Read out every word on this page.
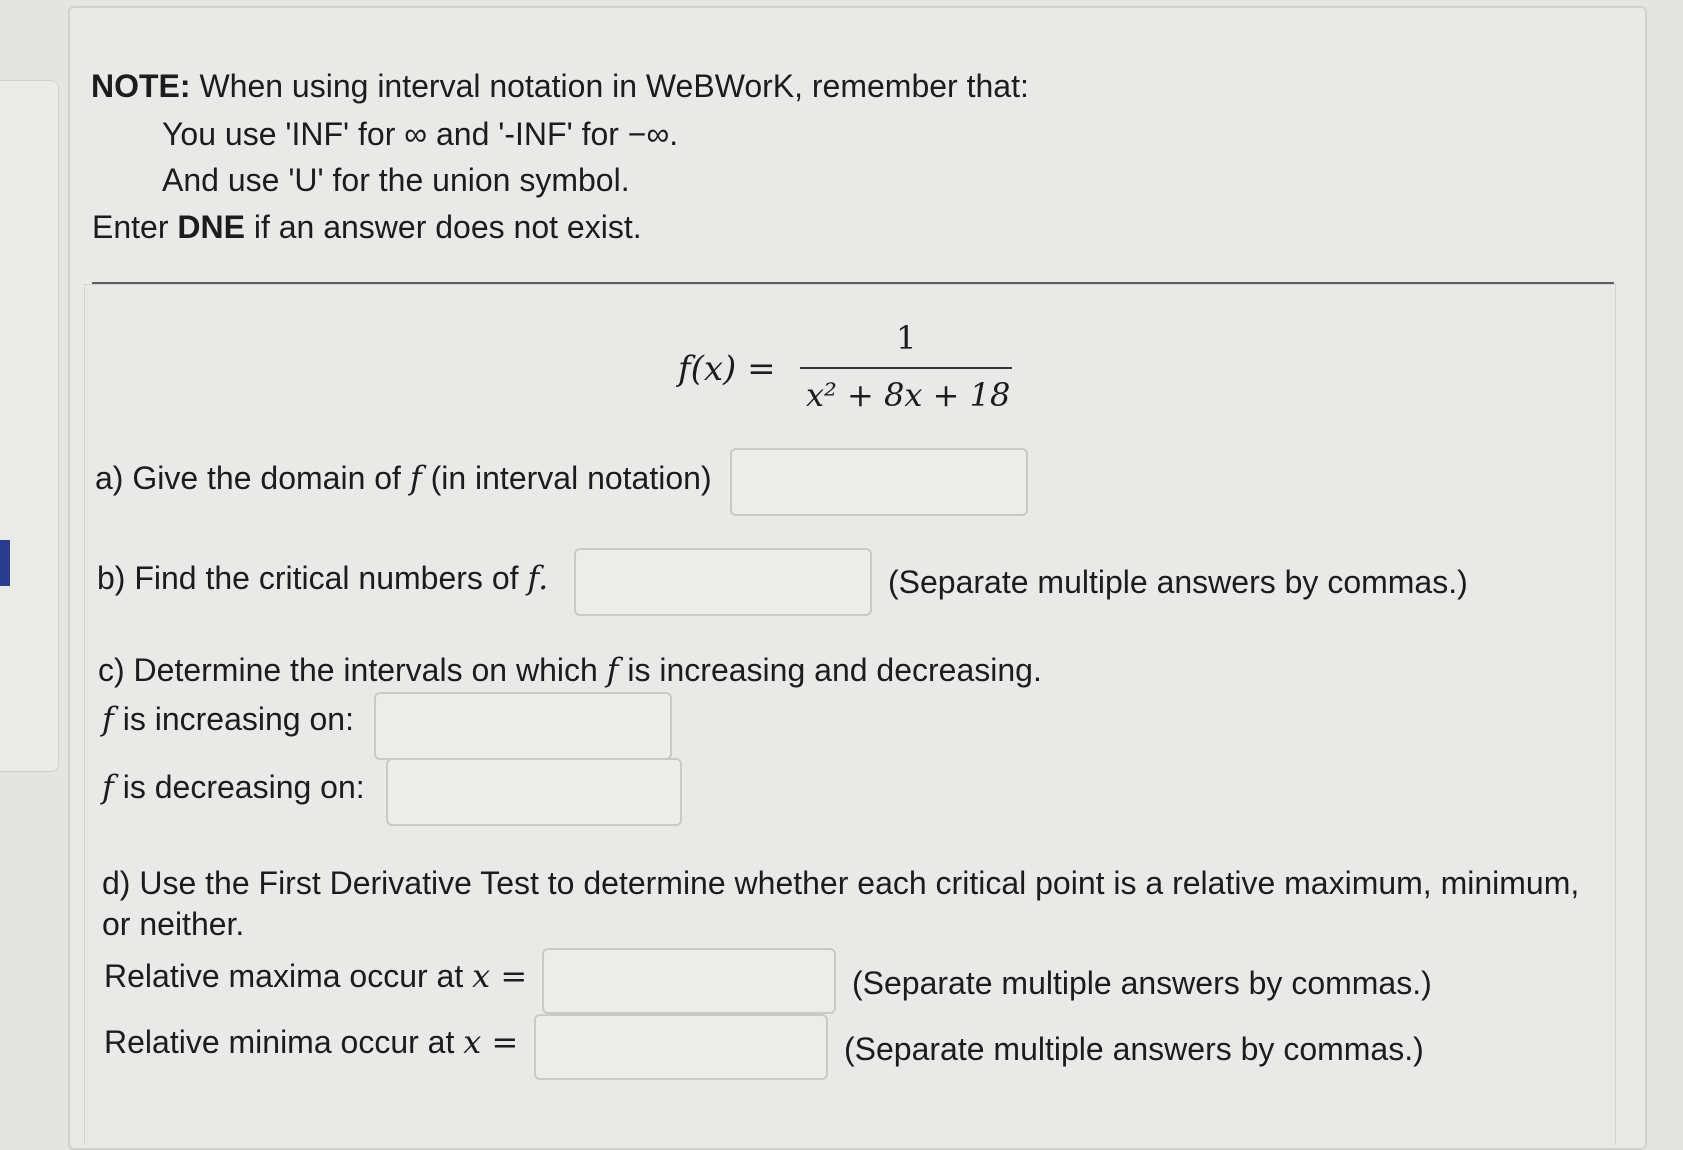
NOTE: When using interval notation in WeBWorK, remember that:
You use 'INF' for ∞ and '-INF' for −∞.
And use 'U' for the union symbol.
Enter DNE if an answer does not exist.
f(x) =
1
x² + 8x + 18
a) Give the domain of f (in interval notation)
b) Find the critical numbers of f.	(Separate multiple answers by commas.)
c) Determine the intervals on which f is increasing and decreasing.
f is increasing on:
f is decreasing on:
d) Use the First Derivative Test to determine whether each critical point is a relative maximum, minimum,
or neither.
Relative maxima occur at x =	(Separate multiple answers by commas.)
Relative minima occur at x =	(Separate multiple answers by commas.)
